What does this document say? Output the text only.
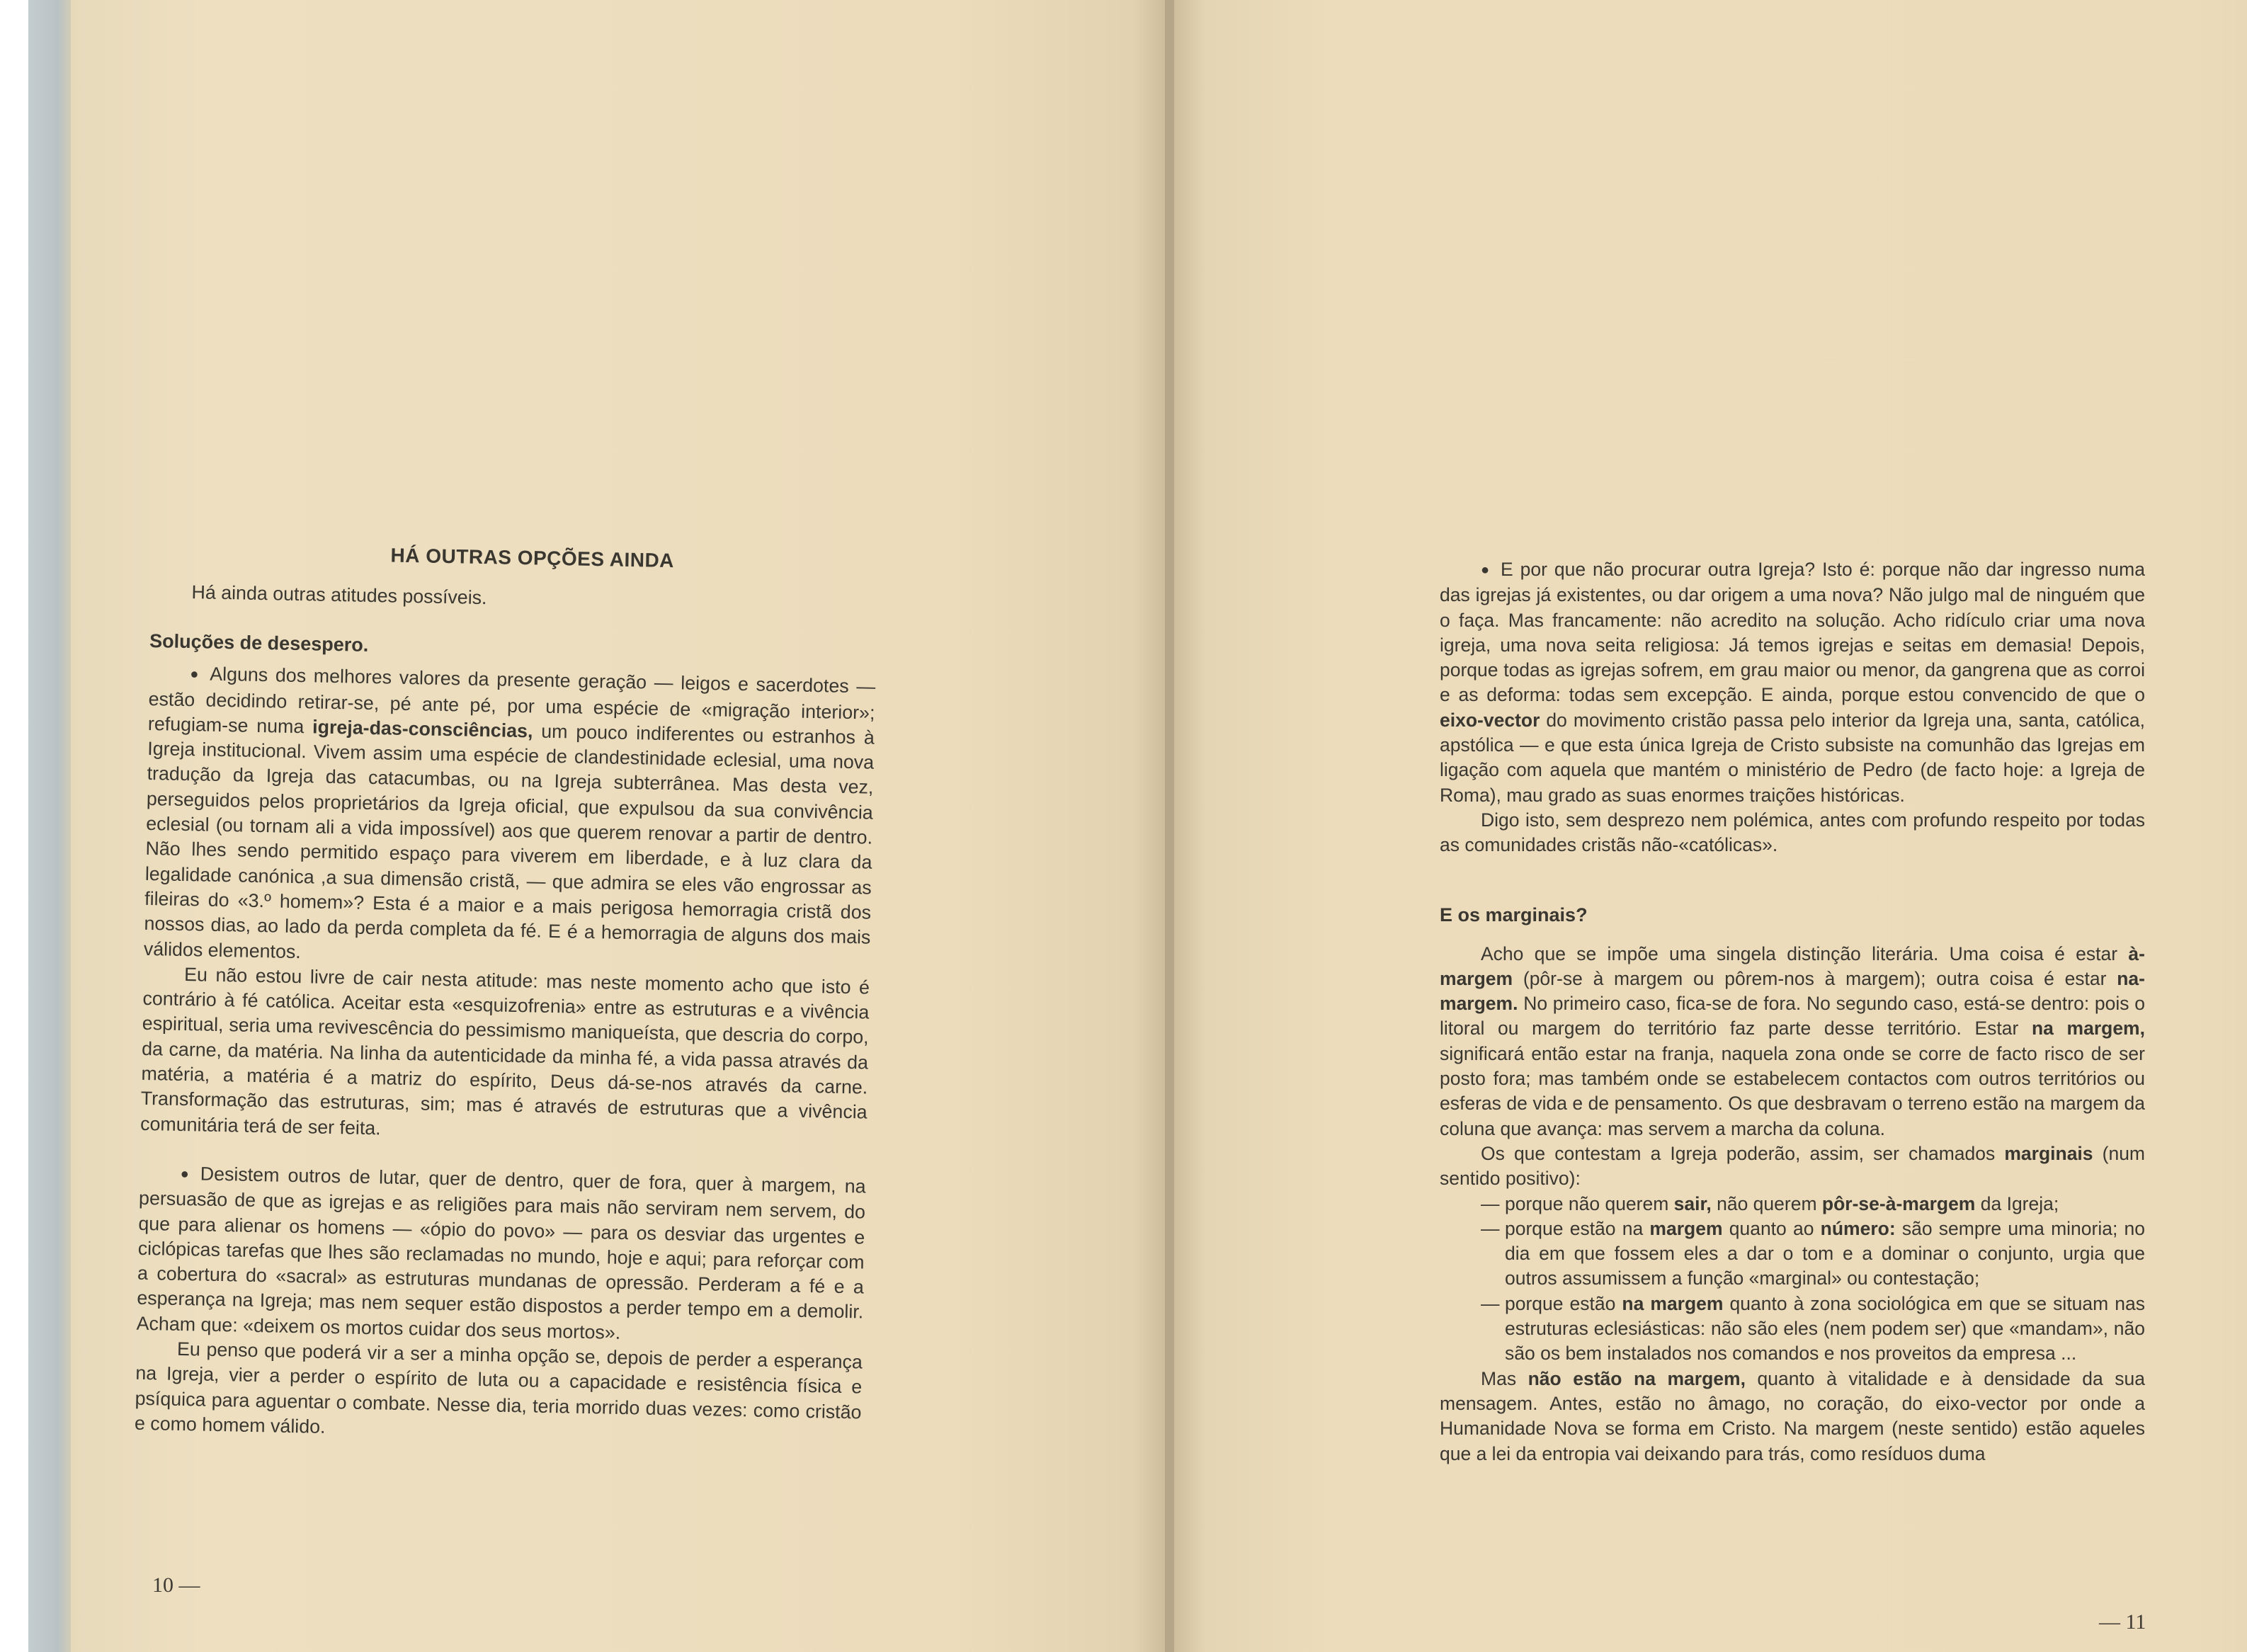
HÁ OUTRAS OPÇÕES AINDA

Há ainda outras atitudes possíveis.

Soluções de desespero.

● Alguns dos melhores valores da presente geração — leigos e sacerdotes — estão decidindo retirar-se, pé ante pé, por uma espécie de «migração interior»; refugiam-se numa igreja-das-consciências, um pouco indiferentes ou estranhos à Igreja institucional. Vivem assim uma espécie de clandestinidade eclesial, uma nova tradução da Igreja das catacumbas, ou na Igreja subterrânea. Mas desta vez, perseguidos pelos proprietários da Igreja oficial, que expulsou da sua convivência eclesial (ou tornam ali a vida impossível) aos que querem renovar a partir de dentro. Não lhes sendo permitido espaço para viverem em liberdade, e à luz clara da legalidade canónica ,a sua dimensão cristã, — que admira se eles vão engrossar as fileiras do «3.º homem»? Esta é a maior e a mais perigosa hemorragia cristã dos nossos dias, ao lado da perda completa da fé. E é a hemorragia de alguns dos mais válidos elementos.

Eu não estou livre de cair nesta atitude: mas neste momento acho que isto é contrário à fé católica. Aceitar esta «esquizofrenia» entre as estruturas e a vivência espiritual, seria uma revivescência do pessimismo maniqueísta, que descria do corpo, da carne, da matéria. Na linha da autenticidade da minha fé, a vida passa através da matéria, a matéria é a matriz do espírito, Deus dá-se-nos através da carne. Transformação das estruturas, sim; mas é através de estruturas que a vivência comunitária terá de ser feita.

● Desistem outros de lutar, quer de dentro, quer de fora, quer à margem, na persuasão de que as igrejas e as religiões para mais não serviram nem servem, do que para alienar os homens — «ópio do povo» — para os desviar das urgentes e ciclópicas tarefas que lhes são reclamadas no mundo, hoje e aqui; para reforçar com a cobertura do «sacral» as estruturas mundanas de opressão. Perderam a fé e a esperança na Igreja; mas nem sequer estão dispostos a perder tempo em a demolir. Acham que: «deixem os mortos cuidar dos seus mortos».

Eu penso que poderá vir a ser a minha opção se, depois de perder a esperança na Igreja, vier a perder o espírito de luta ou a capacidade e resistência física e psíquica para aguentar o combate. Nesse dia, teria morrido duas vezes: como cristão e como homem válido.

10 —

● E por que não procurar outra Igreja? Isto é: porque não dar ingresso numa das igrejas já existentes, ou dar origem a uma nova? Não julgo mal de ninguém que o faça. Mas francamente: não acredito na solução. Acho ridículo criar uma nova igreja, uma nova seita religiosa: Já temos igrejas e seitas em demasia! Depois, porque todas as igrejas sofrem, em grau maior ou menor, da gangrena que as corroi e as deforma: todas sem excepção. E ainda, porque estou convencido de que o eixo-vector do movimento cristão passa pelo interior da Igreja una, santa, católica, apstólica — e que esta única Igreja de Cristo subsiste na comunhão das Igrejas em ligação com aquela que mantém o ministério de Pedro (de facto hoje: a Igreja de Roma), mau grado as suas enormes traições históricas.

Digo isto, sem desprezo nem polémica, antes com profundo respeito por todas as comunidades cristãs não-«católicas».

E os marginais?

Acho que se impõe uma singela distinção literária. Uma coisa é estar à-margem (pôr-se à margem ou pôrem-nos à margem); outra coisa é estar na-margem. No primeiro caso, fica-se de fora. No segundo caso, está-se dentro: pois o litoral ou margem do território faz parte desse território. Estar na margem, significará então estar na franja, naquela zona onde se corre de facto risco de ser posto fora; mas também onde se estabelecem contactos com outros territórios ou esferas de vida e de pensamento. Os que desbravam o terreno estão na margem da coluna que avança: mas servem a marcha da coluna.

Os que contestam a Igreja poderão, assim, ser chamados marginais (num sentido positivo):

— porque não querem sair, não querem pôr-se-à-margem da Igreja;
— porque estão na margem quanto ao número: são sempre uma minoria; no dia em que fossem eles a dar o tom e a dominar o conjunto, urgia que outros assumissem a função «marginal» ou contestação;
— porque estão na margem quanto à zona sociológica em que se situam nas estruturas eclesiásticas: não são eles (nem podem ser) que «mandam», não são os bem instalados nos comandos e nos proveitos da empresa ...

Mas não estão na margem, quanto à vitalidade e à densidade da sua mensagem. Antes, estão no âmago, no coração, do eixo-vector por onde a Humanidade Nova se forma em Cristo. Na margem (neste sentido) estão aqueles que a lei da entropia vai deixando para trás, como resíduos duma

— 11
